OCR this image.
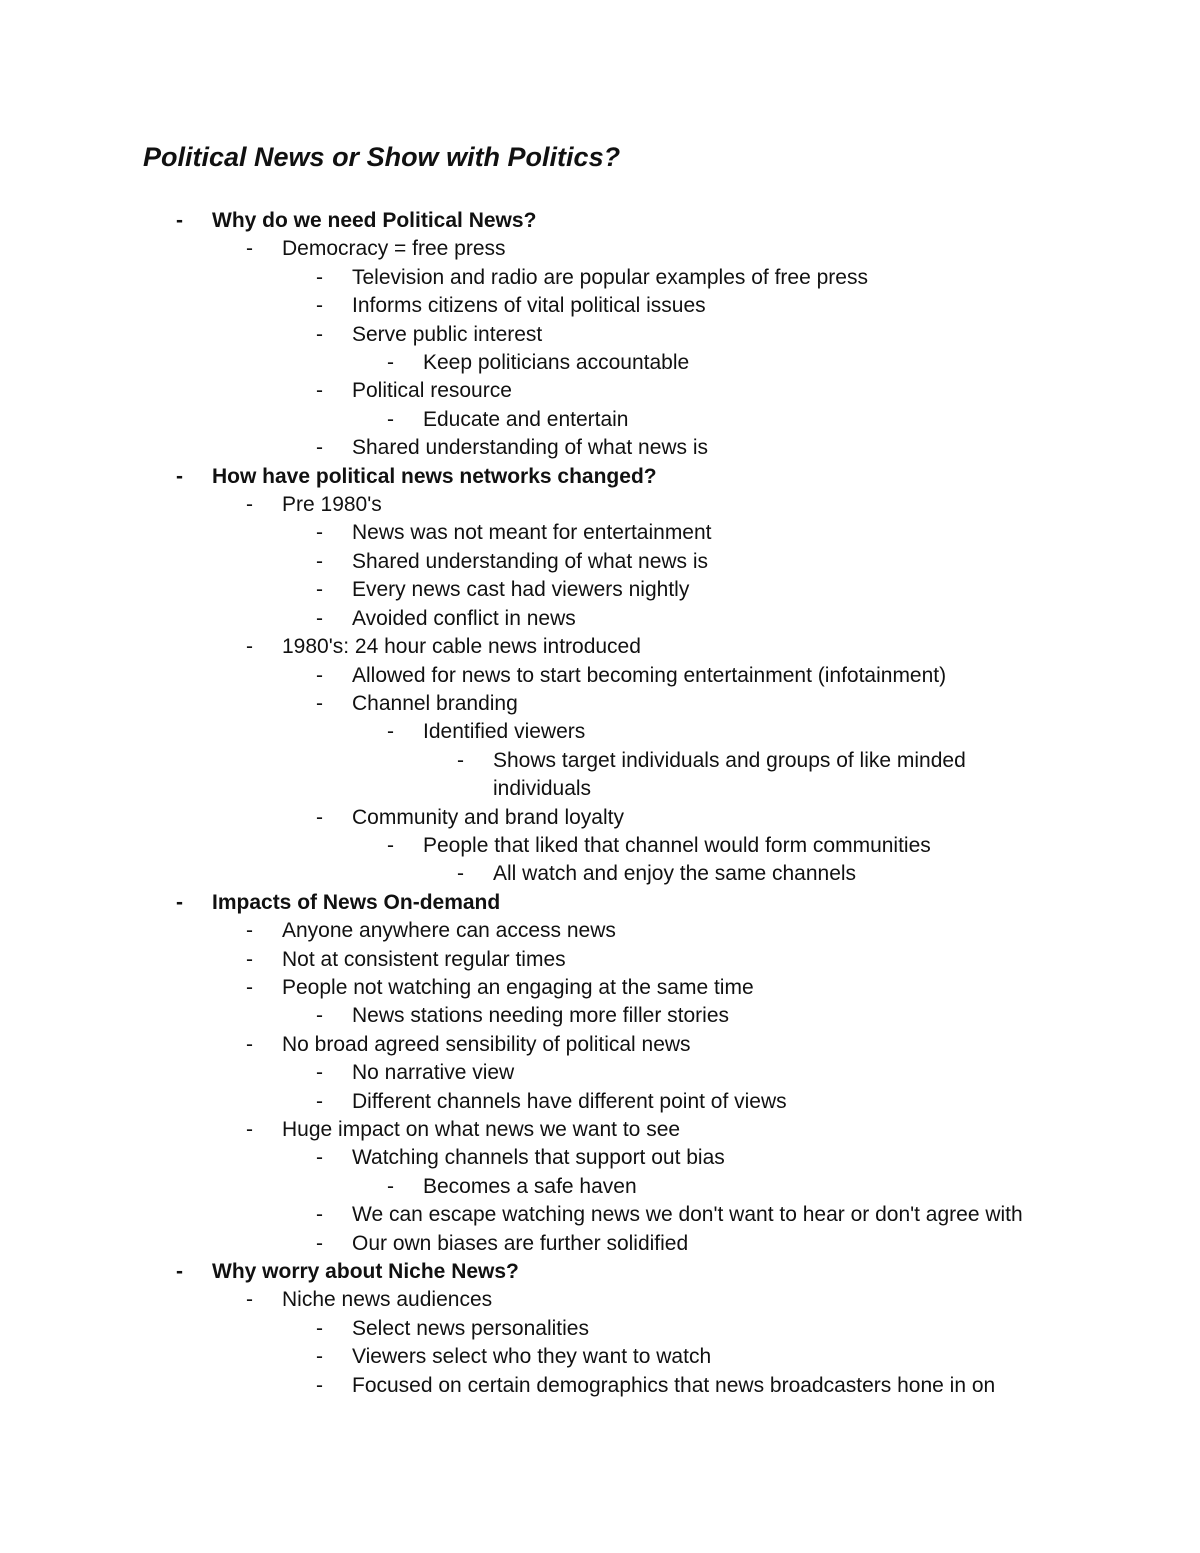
Political News or Show with Politics?
-	Why do we need Political News?
-	Democracy = free press
-	Television and radio are popular examples of free press
-	Informs citizens of vital political issues
-	Serve public interest
-	Keep politicians accountable
-	Political resource
-	Educate and entertain
-	Shared understanding of what news is
-	How have political news networks changed?
-	Pre 1980's
-	News was not meant for entertainment
-	Shared understanding of what news is
-	Every news cast had viewers nightly
-	Avoided conflict in news
-	1980's: 24 hour cable news introduced
-	Allowed for news to start becoming entertainment (infotainment)
-	Channel branding
-	Identified viewers
-	Shows target individuals and groups of like minded individuals
-	Community and brand loyalty
-	People that liked that channel would form communities
-	All watch and enjoy the same channels
-	Impacts of News On-demand
-	Anyone anywhere can access news
-	Not at consistent regular times
-	People not watching an engaging at the same time
-	News stations needing more filler stories
-	No broad agreed sensibility of political news
-	No narrative view
-	Different channels have different point of views
-	Huge impact on what news we want to see
-	Watching channels that support out bias
-	Becomes a safe haven
-	We can escape watching news we don't want to hear or don't agree with
-	Our own biases are further solidified
-	Why worry about Niche News?
-	Niche news audiences
-	Select news personalities
-	Viewers select who they want to watch
-	Focused on certain demographics that news broadcasters hone in on
